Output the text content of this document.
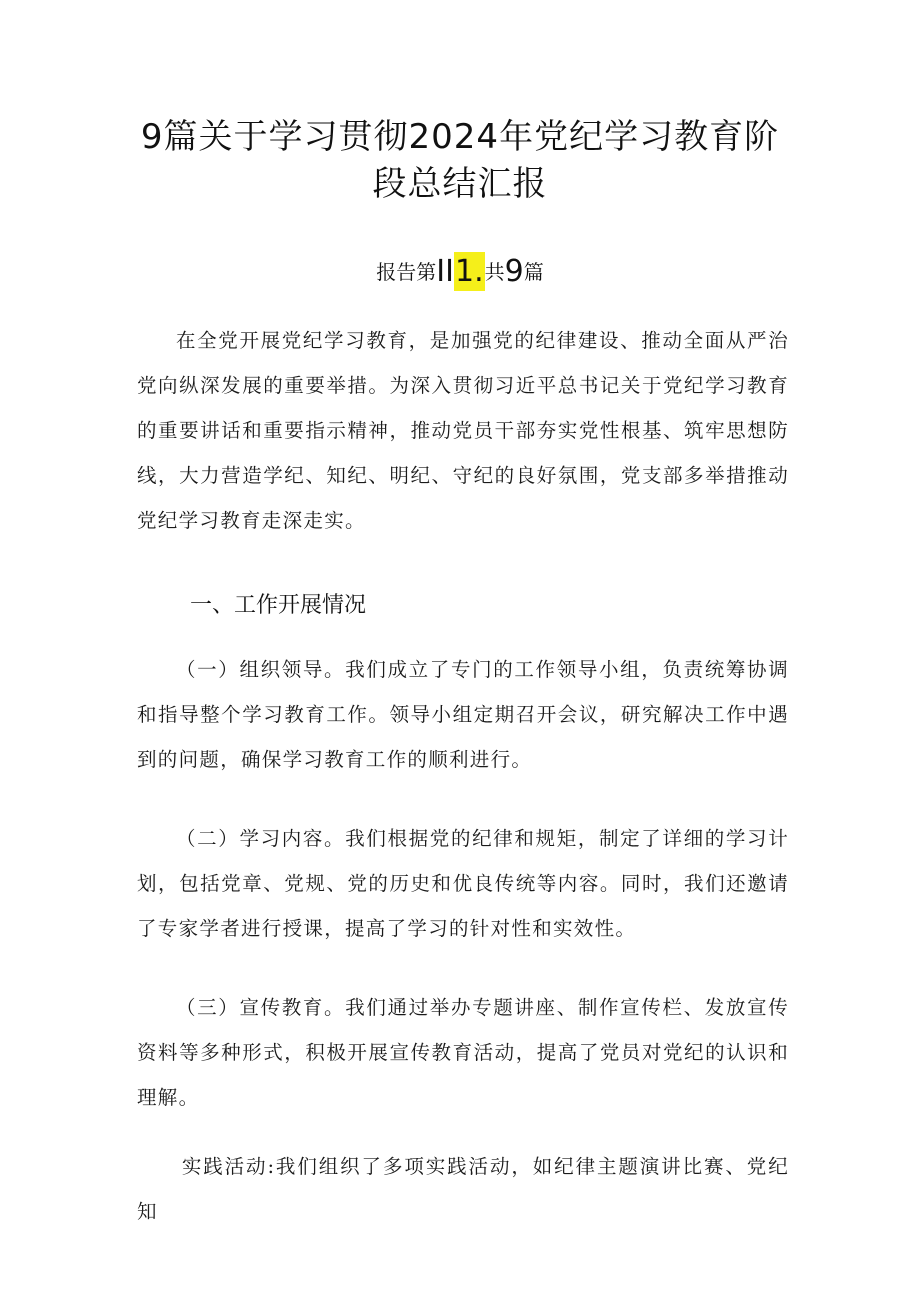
9篇关于学习贯彻2024年党纪学习教育阶
段总结汇报
报告第II1.共9篇

在全党开展党纪学习教育，是加强党的纪律建设、推动全面从严治党向纵深发展的重要举措。为深入贯彻习近平总书记关于党纪学习教育的重要讲话和重要指示精神，推动党员干部夯实党性根基、筑牢思想防线，大力营造学纪、知纪、明纪、守纪的良好氛围，党支部多举措推动党纪学习教育走深走实。

一、工作开展情况

（一）组织领导。我们成立了专门的工作领导小组，负责统筹协调和指导整个学习教育工作。领导小组定期召开会议，研究解决工作中遇到的问题，确保学习教育工作的顺利进行。

（二）学习内容。我们根据党的纪律和规矩，制定了详细的学习计划，包括党章、党规、党的历史和优良传统等内容。同时，我们还邀请了专家学者进行授课，提高了学习的针对性和实效性。

（三）宣传教育。我们通过举办专题讲座、制作宣传栏、发放宣传资料等多种形式，积极开展宣传教育活动，提高了党员对党纪的认识和理解。

实践活动:我们组织了多项实践活动，如纪律主题演讲比赛、党纪知
